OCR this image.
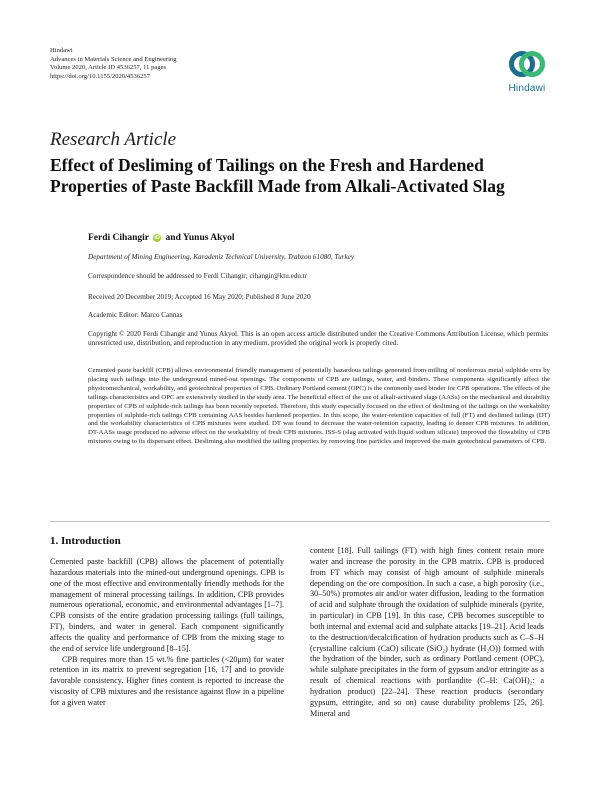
Hindawi
Advances in Materials Science and Engineering
Volume 2020, Article ID 4536257, 11 pages
https://doi.org/10.1155/2020/4536257
Hindawi
Research Article
Effect of Desliming of Tailings on the Fresh and Hardened Properties of Paste Backfill Made from Alkali-Activated Slag
Ferdi Cihangir iD and Yunus Akyol
Department of Mining Engineering, Karadeniz Technical University, Trabzon 61080, Turkey
Correspondence should be addressed to Ferdi Cihangir; cihangir@ktu.edu.tr
Received 20 December 2019; Accepted 16 May 2020; Published 8 June 2020
Academic Editor: Marco Cannas
Copyright © 2020 Ferdi Cihangir and Yunus Akyol. This is an open access article distributed under the Creative Commons Attribution License, which permits unrestricted use, distribution, and reproduction in any medium, provided the original work is properly cited.
Cemented paste backfill (CPB) allows environmental friendly management of potentially hazardous tailings generated from milling of nonferrous metal sulphide ores by placing such tailings into the underground mined-out openings. The components of CPB are tailings, water, and binders. These components significantly affect the physicomechanical, workability, and geotechnical properties of CPB. Ordinary Portland cement (OPC) is the commonly used binder for CPB operations. The effects of the tailings characteristics and OPC are extensively studied in the study area. The beneficial effect of the use of alkali-activated slags (AASs) on the mechanical and durability properties of CPB of sulphide-rich tailings has been recently reported. Therefore, this study especially focused on the effect of desliming of the tailings on the workability properties of sulphide-rich tailings CPB containing AAS besides hardened properties. In this scope, the water-retention capacities of full (FT) and deslimed tailings (DT) and the workability characteristics of CPB mixtures were studied. DT was found to decrease the water-retention capacity, leading to denser CPB mixtures. In addition, DT-AASs usage produced no adverse effect on the workability of fresh CPB mixtures. ISS-S (slag activated with liquid sodium silicate) improved the flowability of CPB mixtures owing to its dispersant effect. Desliming also modified the tailing properties by removing fine particles and improved the main geotechnical parameters of CPB.
1. Introduction

Cemented paste backfill (CPB) allows the placement of potentially hazardous materials into the mined-out underground openings. CPB is one of the most effective and environmentally friendly methods for the management of mineral processing tailings. In addition, CPB provides numerous operational, economic, and environmental advantages [1–7]. CPB consists of the entire gradation processing tailings (full tailings, FT), binders, and water in general. Each component significantly affects the quality and performance of CPB from the mixing stage to the end of service life underground [8–15].

CPB requires more than 15 wt.% fine particles (<20μm) for water retention in its matrix to prevent segregation [16, 17] and to provide favorable consistency. Higher fines content is reported to increase the viscosity of CPB mixtures and the resistance against flow in a pipeline for a given water

content [18]. Full tailings (FT) with high fines content retain more water and increase the porosity in the CPB matrix. CPB is produced from FT which may consist of high amount of sulphide minerals depending on the ore composition. In such a case, a high porosity (i.e., 30–50%) promotes air and/or water diffusion, leading to the formation of acid and sulphate through the oxidation of sulphide minerals (pyrite, in particular) in CPB [19]. In this case, CPB becomes susceptible to both internal and external acid and sulphate attacks [19–21]. Acid leads to the destruction/decalcification of hydration products such as C–S–H (crystalline calcium (CaO) silicate (SiO₂) hydrate (H₂O)) formed with the hydration of the binder, such as ordinary Portland cement (OPC), while sulphate precipitates in the form of gypsum and/or ettringite as a result of chemical reactions with portlandite (C–H: Ca(OH)₂: a hydration product) [22–24]. These reaction products (secondary gypsum, ettringite, and so on) cause durability problems [25, 26]. Mineral and
